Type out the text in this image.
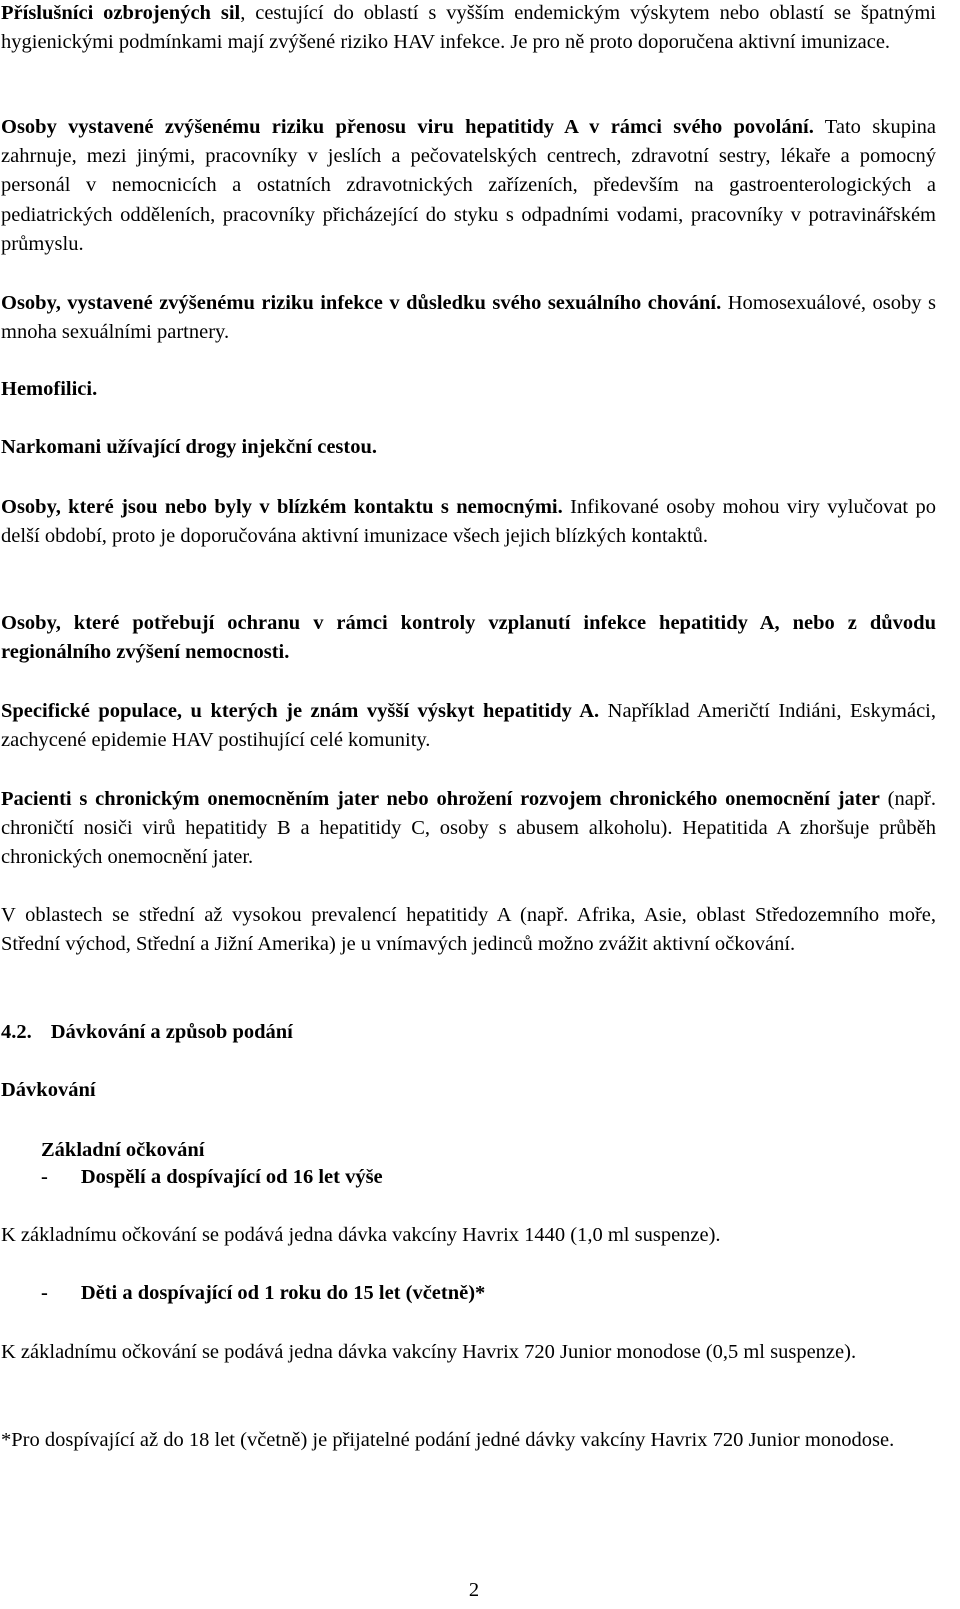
Příslušníci ozbrojených sil, cestující do oblastí s vyšším endemickým výskytem nebo oblastí se špatnými hygienickými podmínkami mají zvýšené riziko HAV infekce. Je pro ně proto doporučena aktivní imunizace.

Osoby vystavené zvýšenému riziku přenosu viru hepatitidy A v rámci svého povolání. Tato skupina zahrnuje, mezi jinými, pracovníky v jeslích a pečovatelských centrech, zdravotní sestry, lékaře a pomocný personál v nemocnicích a ostatních zdravotnických zařízeních, především na gastroenterologických a pediatrických odděleních, pracovníky přicházející do styku s odpadními vodami, pracovníky v potravinářském průmyslu.

Osoby, vystavené zvýšenému riziku infekce v důsledku svého sexuálního chování. Homosexuálové, osoby s mnoha sexuálními partnery.

Hemofilici.

Narkomani užívající drogy injekční cestou.

Osoby, které jsou nebo byly v blízkém kontaktu s nemocnými. Infikované osoby mohou viry vylučovat po delší období, proto je doporučována aktivní imunizace všech jejich blízkých kontaktů.

Osoby, které potřebují ochranu v rámci kontroly vzplanutí infekce hepatitidy A, nebo z důvodu regionálního zvýšení nemocnosti.

Specifické populace, u kterých je znám vyšší výskyt hepatitidy A. Například Američtí Indiáni, Eskymáci, zachycené epidemie HAV postihující celé komunity.

Pacienti s chronickým onemocněním jater nebo ohrožení rozvojem chronického onemocnění jater (např. chroničtí nosiči virů hepatitidy B a hepatitidy C, osoby s abusem alkoholu). Hepatitida A zhoršuje průběh chronických onemocnění jater.

V oblastech se střední až vysokou prevalencí hepatitidy A (např. Afrika, Asie, oblast Středozemního moře, Střední východ, Střední a Jižní Amerika) je u vnímavých jedinců možno zvážit aktivní očkování.

4.2. Dávkování a způsob podání

Dávkování

Základní očkování

- Dospělí a dospívající od 16 let výše

K základnímu očkování se podává jedna dávka vakcíny Havrix 1440 (1,0 ml suspenze).

- Děti a dospívající od 1 roku do 15 let (včetně)*

K základnímu očkování se podává jedna dávka vakcíny Havrix 720 Junior monodose (0,5 ml suspenze).

*Pro dospívající až do 18 let (včetně) je přijatelné podání jedné dávky vakcíny Havrix 720 Junior monodose.

2
